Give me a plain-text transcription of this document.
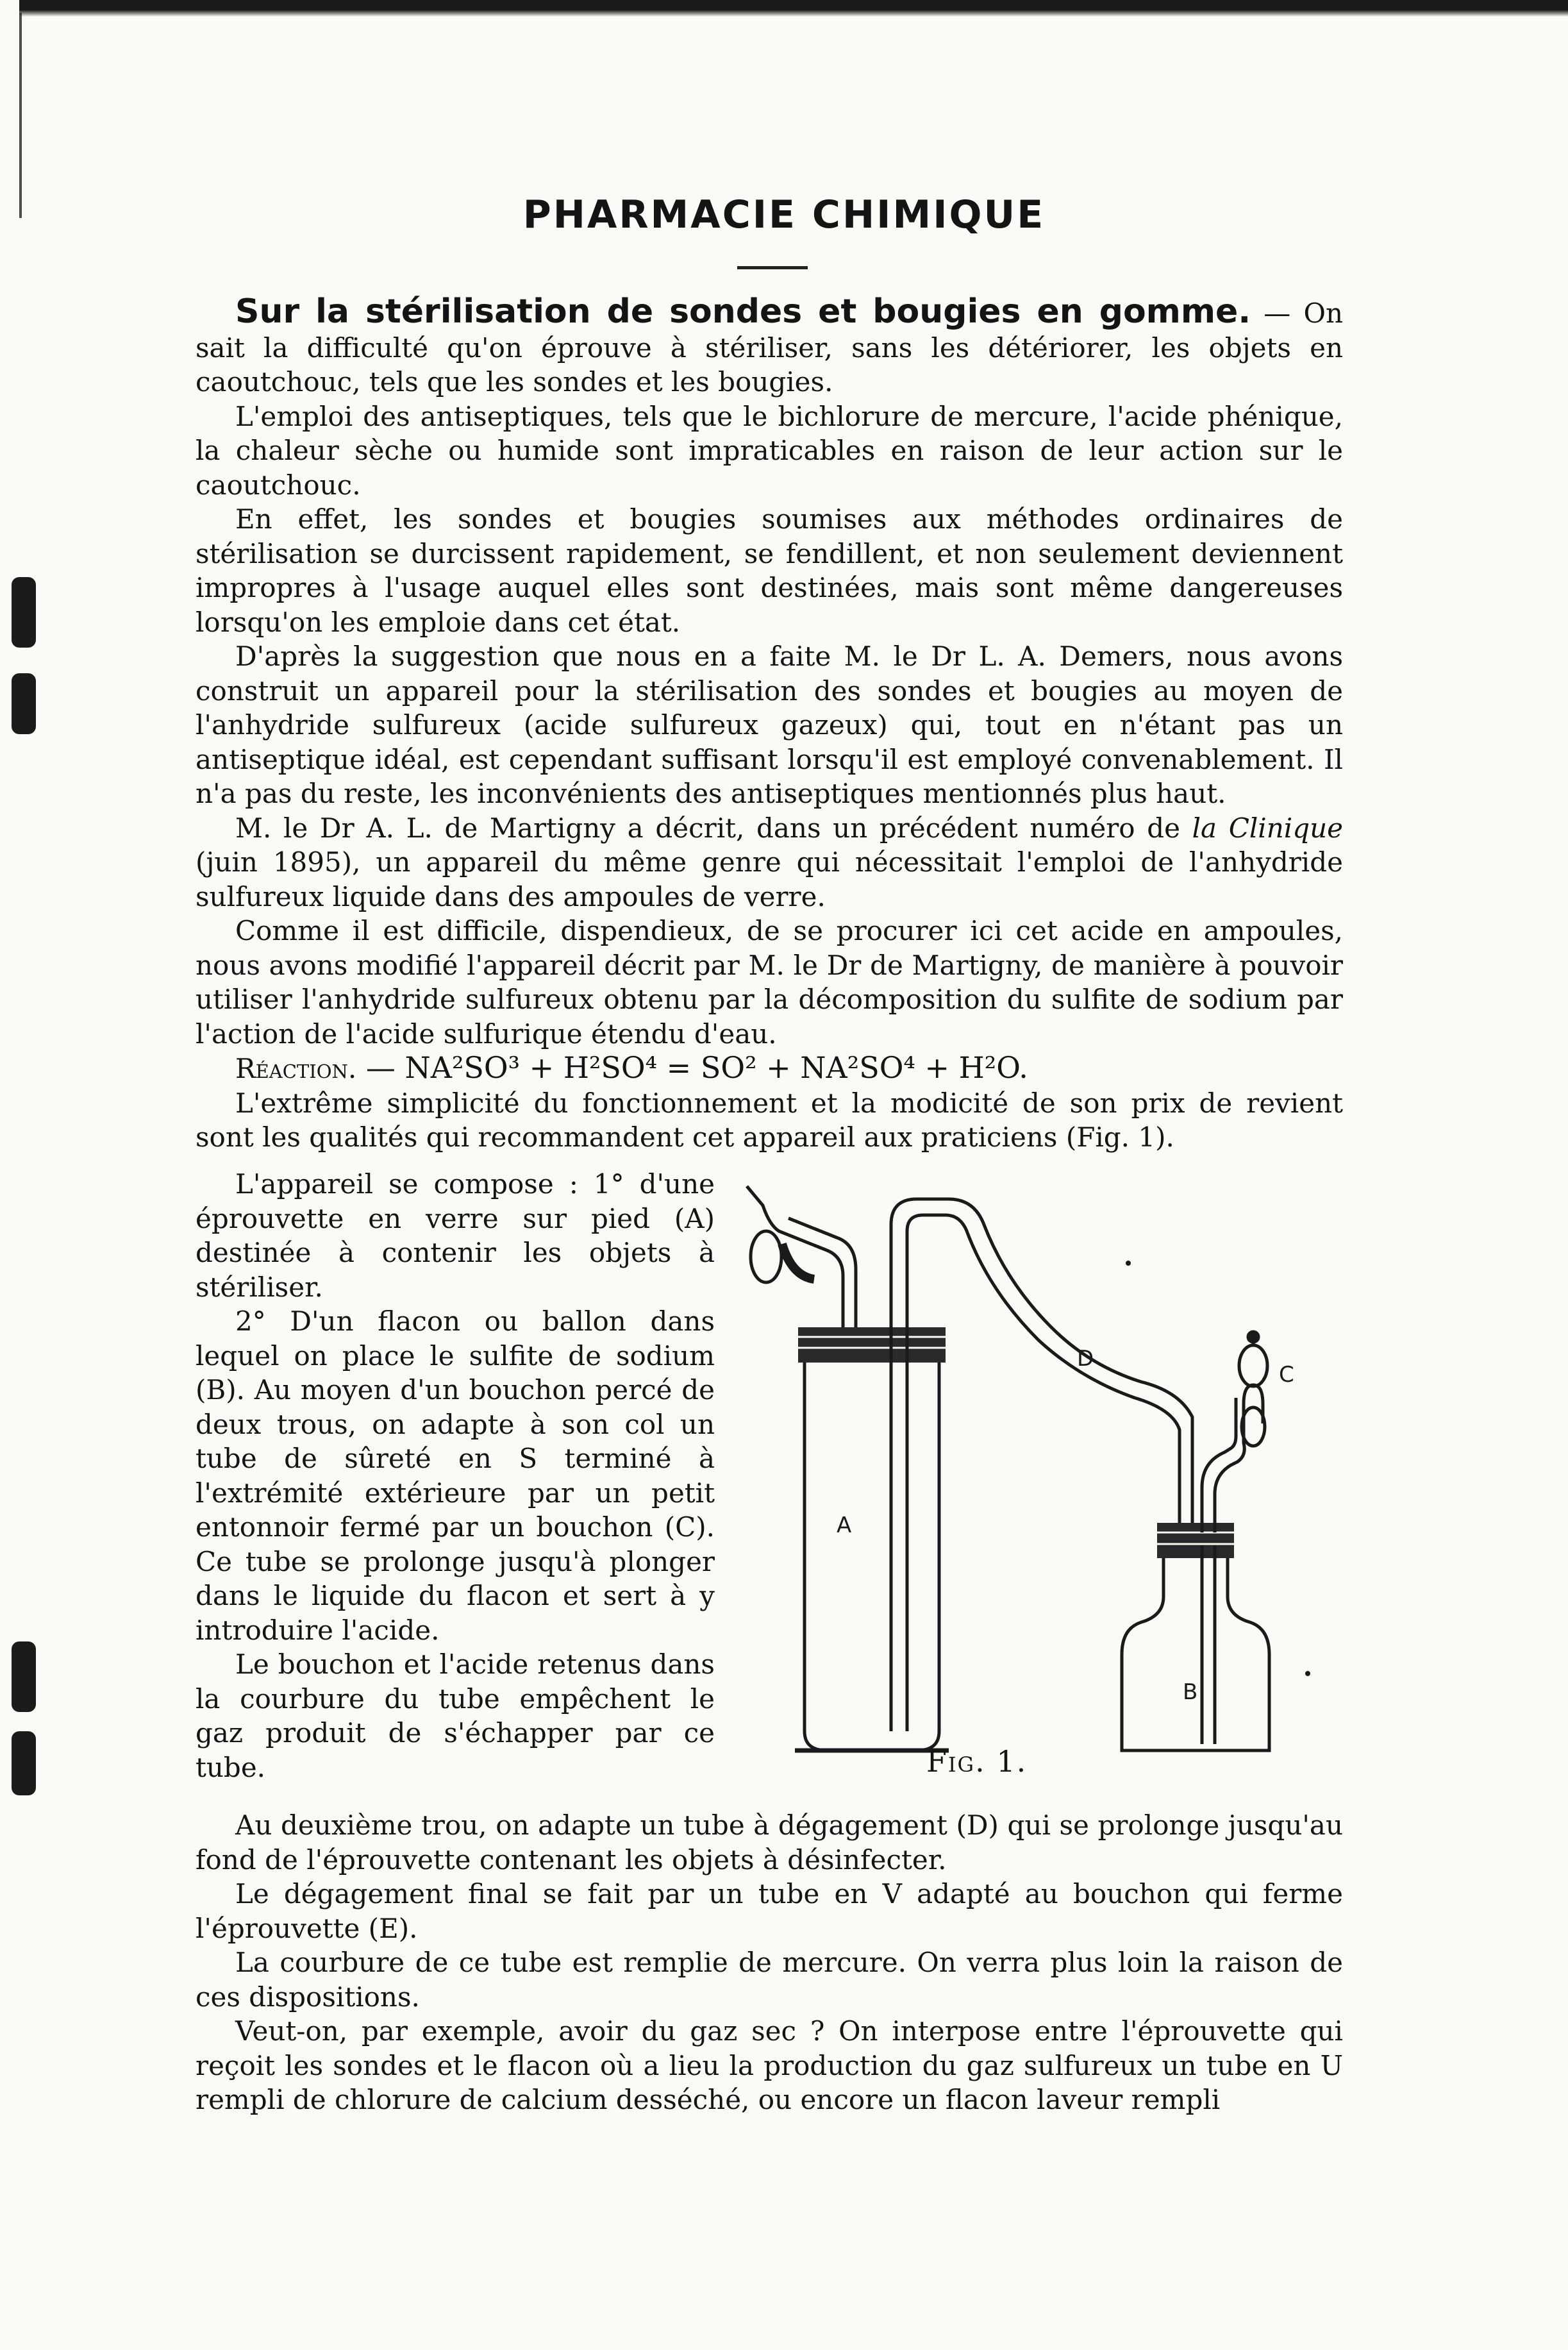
PHARMACIE CHIMIQUE

Sur la stérilisation de sondes et bougies en gomme. — On sait la difficulté qu'on éprouve à stériliser, sans les détériorer, les objets en caoutchouc, tels que les sondes et les bougies.

L'emploi des antiseptiques, tels que le bichlorure de mercure, l'acide phénique, la chaleur sèche ou humide sont impraticables en raison de leur action sur le caoutchouc.

En effet, les sondes et bougies soumises aux méthodes ordinaires de stérilisation se durcissent rapidement, se fendillent, et non seulement deviennent impropres à l'usage auquel elles sont destinées, mais sont même dangereuses lorsqu'on les emploie dans cet état.

D'après la suggestion que nous en a faite M. le Dr L. A. Demers, nous avons construit un appareil pour la stérilisation des sondes et bougies au moyen de l'anhydride sulfureux (acide sulfureux gazeux) qui, tout en n'étant pas un antiseptique idéal, est cependant suffisant lorsqu'il est employé convenablement. Il n'a pas du reste, les inconvénients des antiseptiques mentionnés plus haut.

M. le Dr A. L. de Martigny a décrit, dans un précédent numéro de la Clinique (juin 1895), un appareil du même genre qui nécessitait l'emploi de l'anhydride sulfureux liquide dans des ampoules de verre.

Comme il est difficile, dispendieux, de se procurer ici cet acide en ampoules, nous avons modifié l'appareil décrit par M. le Dr de Martigny, de manière à pouvoir utiliser l'anhydride sulfureux obtenu par la décomposition du sulfite de sodium par l'action de l'acide sulfurique étendu d'eau.

Réaction. — NA²SO³ + H²SO⁴ = SO² + NA²SO⁴ + H²O.

L'extrême simplicité du fonctionnement et la modicité de son prix de revient sont les qualités qui recommandent cet appareil aux praticiens (Fig. 1).

L'appareil se compose : 1° d'une éprouvette en verre sur pied (A) destinée à contenir les objets à stériliser.

2° D'un flacon ou ballon dans lequel on place le sulfite de sodium (B). Au moyen d'un bouchon percé de deux trous, on adapte à son col un tube de sûreté en S terminé à l'extrémité extérieure par un petit entonnoir fermé par un bouchon (C). Ce tube se prolonge jusqu'à plonger dans le liquide du flacon et sert à y introduire l'acide.

Le bouchon et l'acide retenus dans la courbure du tube empêchent le gaz produit de s'échapper par ce tube.

A
B
C
D
Fig. 1.

Au deuxième trou, on adapte un tube à dégagement (D) qui se prolonge jusqu'au fond de l'éprouvette contenant les objets à désinfecter.

Le dégagement final se fait par un tube en V adapté au bouchon qui ferme l'éprouvette (E).

La courbure de ce tube est remplie de mercure. On verra plus loin la raison de ces dispositions.

Veut-on, par exemple, avoir du gaz sec ? On interpose entre l'éprouvette qui reçoit les sondes et le flacon où a lieu la production du gaz sulfureux un tube en U rempli de chlorure de calcium desséché, ou encore un flacon laveur rempli
